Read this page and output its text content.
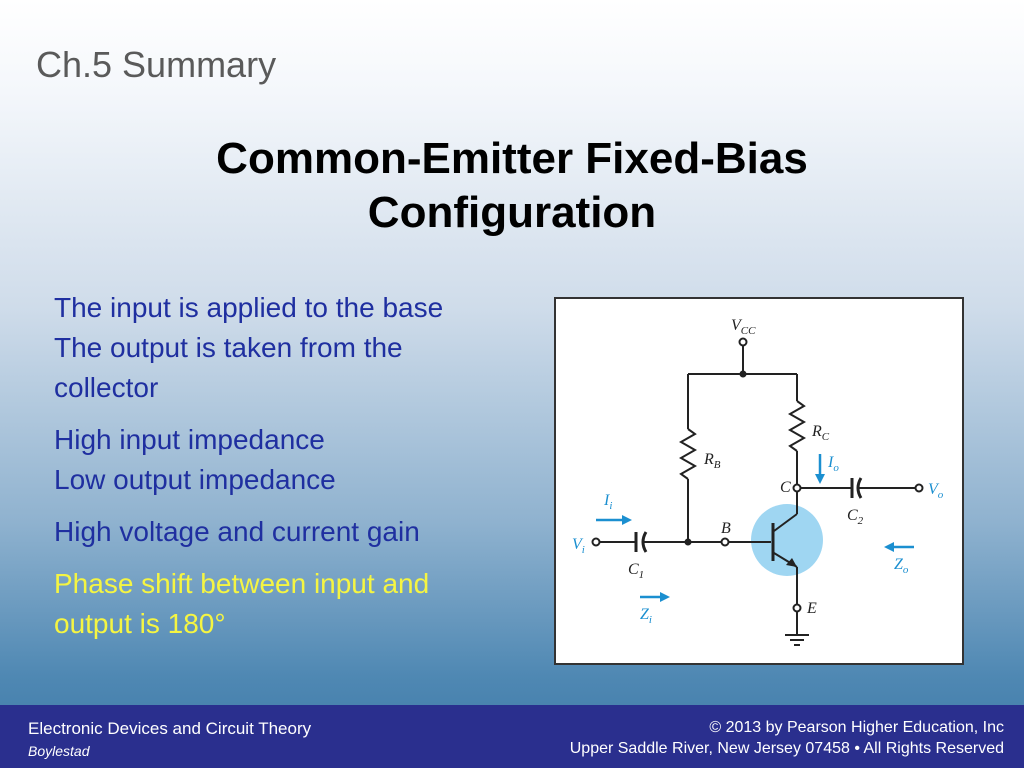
Ch.5 Summary
Common-Emitter Fixed-Bias
Configuration

The input is applied to the base
The output is taken from the
collector

High input impedance
Low output impedance

High voltage and current gain

Phase shift between input and
output is 180°

$V_{CC}$
$R_B$
$R_C$
C
B
E
$C_1$
$C_2$
$V_i$
$V_o$
$I_i$
$I_o$
$Z_i$
$Z_o$
Electronic Devices and Circuit Theory
Boylestad
© 2013 by Pearson Higher Education, Inc
Upper Saddle River, New Jersey 07458 • All Rights Reserved
